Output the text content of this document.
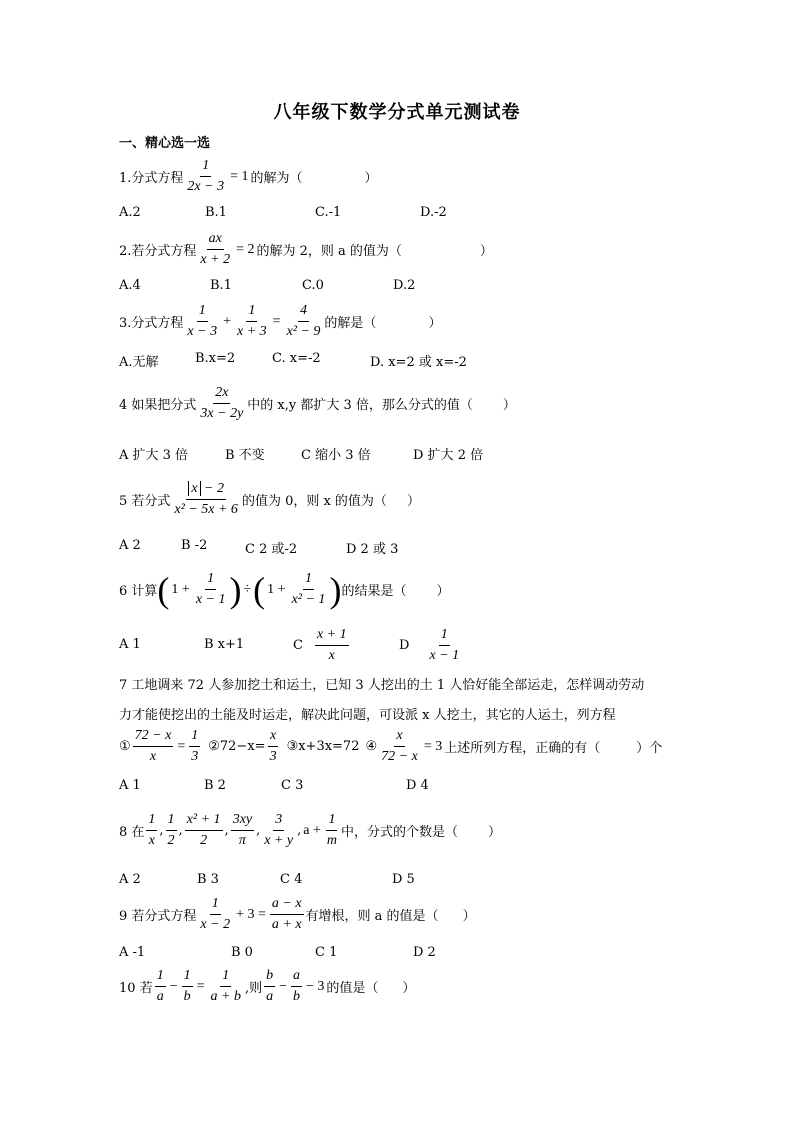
八年级下数学分式单元测试卷
一、精心选一选
1.分式方程 $\frac{1}{2x - 3} = 1$ 的解为（	）
A.2	B.1	C.-1	D.-2
2.若分式方程 $\frac{ax}{x + 2} = 2$ 的解为 2，则 a 的值为（	）
A.4	B.1	C.0	D.2
3.分式方程 $\frac{1}{x - 3} + \frac{1}{x + 3} = \frac{4}{\text{x² − 9}}$ 的解是（	）
A.无解	B.x=2	C. x=-2	D. x=2 或 x=-2
4 如果把分式 $\frac{2x}{3x - 2y}$ 中的 x,y 都扩大 3 倍，那么分式的值（ ）
A 扩大 3 倍	B 不变	C 缩小 3 倍	D 扩大 2 倍
5 若分式 $\frac{x - 2}{\text{x² − 5x + 6}}$ 的值为 0，则 x 的值为（ ）
A 2	B -2	C 2 或-2	D 2 或 3
6 计算 ( $1 + \frac{1}{x - 1}$ ) ÷ ( $1 + \frac{1}{\text{x² − 1}}$ ) 的结果是（ ）
A 1	B x+1	C $\frac{x + 1}{x}$	D $\frac{1}{x - 1}$
7 工地调来 72 人参加挖土和运土，已知 3 人挖出的土 1 人恰好能全部运走，怎样调动劳动
力才能使挖出的土能及时运走，解决此问题，可设派 x 人挖土，其它的人运土，列方程
① $\frac{72 - x}{x} = \frac{1}{3}$ ②72−x= $\frac{x}{3}$ ③x+3x=72 ④ $\frac{x}{72 - x} = 3$ 上述所列方程，正确的有（	）个
A 1	B 2	C 3	D 4
8 在 $\frac{1}{x}$ , $\frac{1}{2}$ , $\frac{\text{x² + 1}}{2}$ , $\frac{3xy}{\pi}$ , $\frac{3}{x + y}$ , $a + \frac{1}{m}$ 中，分式的个数是（ ）
A 2	B 3	C 4	D 5
9 若分式方程 $\frac{1}{x - 2} + 3 = \frac{a - x}{a + x}$ 有增根，则 a 的值是（ ）
A -1	B 0	C 1	D 2
10 若 $\frac{1}{a} - \frac{1}{b} = \frac{1}{a + b}$ ,则 $\frac{b}{a} - \frac{a}{b} - 3$ 的值是（ ）
